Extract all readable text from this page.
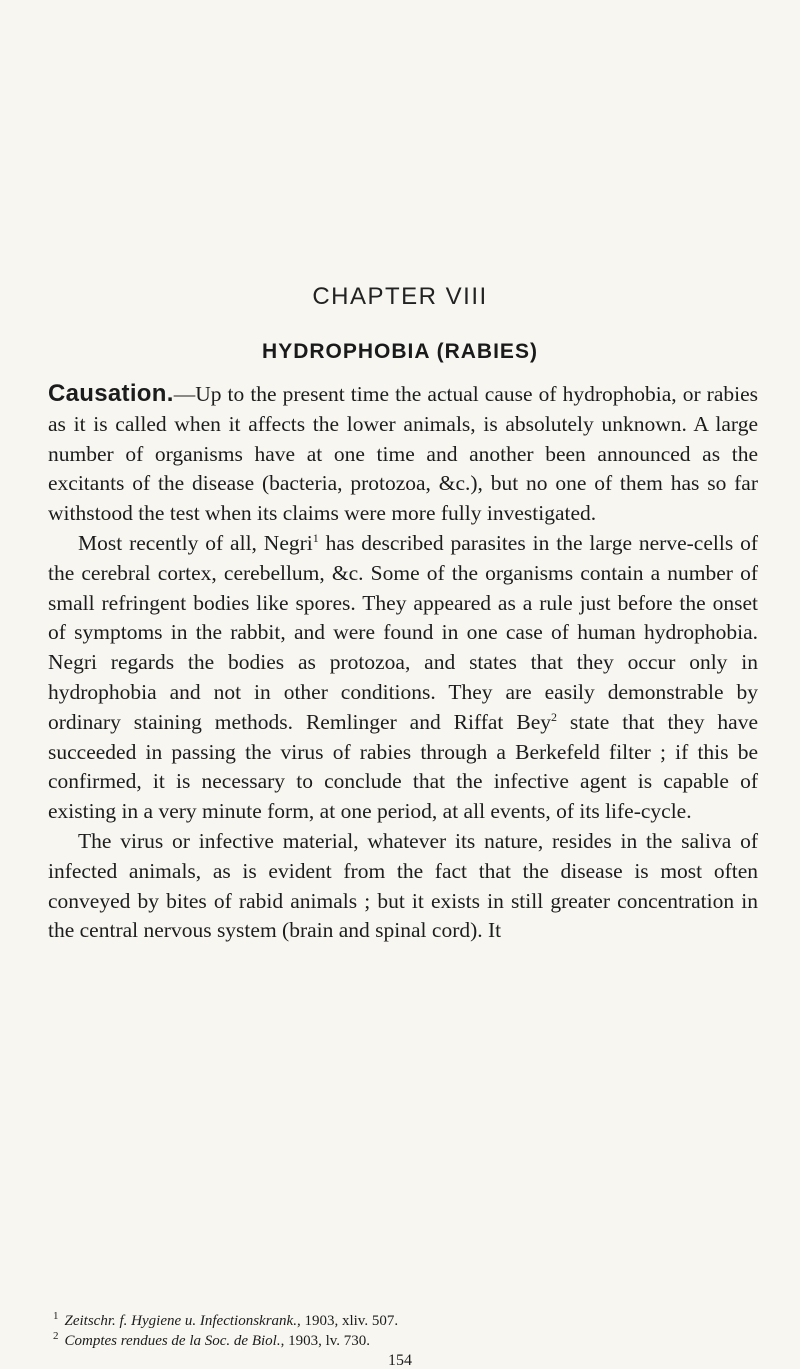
CHAPTER VIII
HYDROPHOBIA (RABIES)

Causation.—Up to the present time the actual cause of hydrophobia, or rabies as it is called when it affects the lower animals, is absolutely unknown. A large number of organisms have at one time and another been announced as the excitants of the disease (bacteria, protozoa, &c.), but no one of them has so far withstood the test when its claims were more fully investigated.

Most recently of all, Negri$^1$ has described parasites in the large nerve-cells of the cerebral cortex, cerebellum, &c. Some of the organisms contain a number of small refringent bodies like spores. They appeared as a rule just before the onset of symptoms in the rabbit, and were found in one case of human hydrophobia. Negri regards the bodies as protozoa, and states that they occur only in hydrophobia and not in other conditions. They are easily demonstrable by ordinary staining methods. Remlinger and Riffat Bey$^2$ state that they have succeeded in passing the virus of rabies through a Berkefeld filter ; if this be confirmed, it is necessary to conclude that the infective agent is capable of existing in a very minute form, at one period, at all events, of its life-cycle.

The virus or infective material, whatever its nature, resides in the saliva of infected animals, as is evident from the fact that the disease is most often conveyed by bites of rabid animals ; but it exists in still greater concentration in the central nervous system (brain and spinal cord). It

$^1$ Zeitschr. f. Hygiene u. Infectionskrank., 1903, xliv. 507.

$^2$ Comptes rendues de la Soc. de Biol., 1903, lv. 730.

154
